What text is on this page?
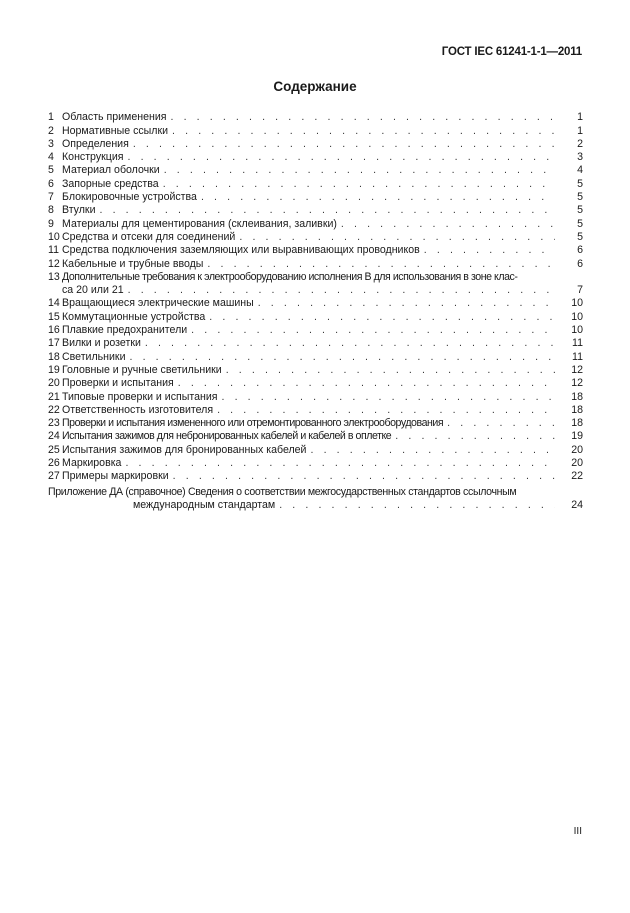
ГОСТ IEC 61241-1-1—2011
Содержание
1 Область применения . . .	1
2 Нормативные ссылки . . .	1
3 Определения . . .	2
4 Конструкция . . .	3
5 Материал оболочки . . .	4
6 Запорные средства . . .	5
7 Блокировочные устройства . . .	5
8 Втулки . . .	5
9 Материалы для цементирования (склеивания, заливки) . . .	5
10 Средства и отсеки для соединений . . .	5
11 Средства подключения заземляющих или выравнивающих проводников . . .	6
12 Кабельные и трубные вводы . . .	6
13 Дополнительные требования к электрооборудованию исполнения В для использования в зоне клас-
са 20 или 21 . . .	7
14 Вращающиеся электрические машины . . .	10
15 Коммутационные устройства . . .	10
16 Плавкие предохранители . . .	10
17 Вилки и розетки . . .	11
18 Светильники . . .	11
19 Головные и ручные светильники . . .	12
20 Проверки и испытания . . .	12
21 Типовые проверки и испытания . . .	18
22 Ответственность изготовителя . . .	18
23 Проверки и испытания измененного или отремонтированного электрооборудования . . .	18
24 Испытания зажимов для небронированных кабелей и кабелей в оплетке . . .	19
25 Испытания зажимов для бронированных кабелей . . .	20
26 Маркировка . . .	20
27 Примеры маркировки . . .	22
Приложение ДА (справочное) Сведения о соответствии межгосударственных стандартов ссылочным
международным стандартам . . .	24
III
